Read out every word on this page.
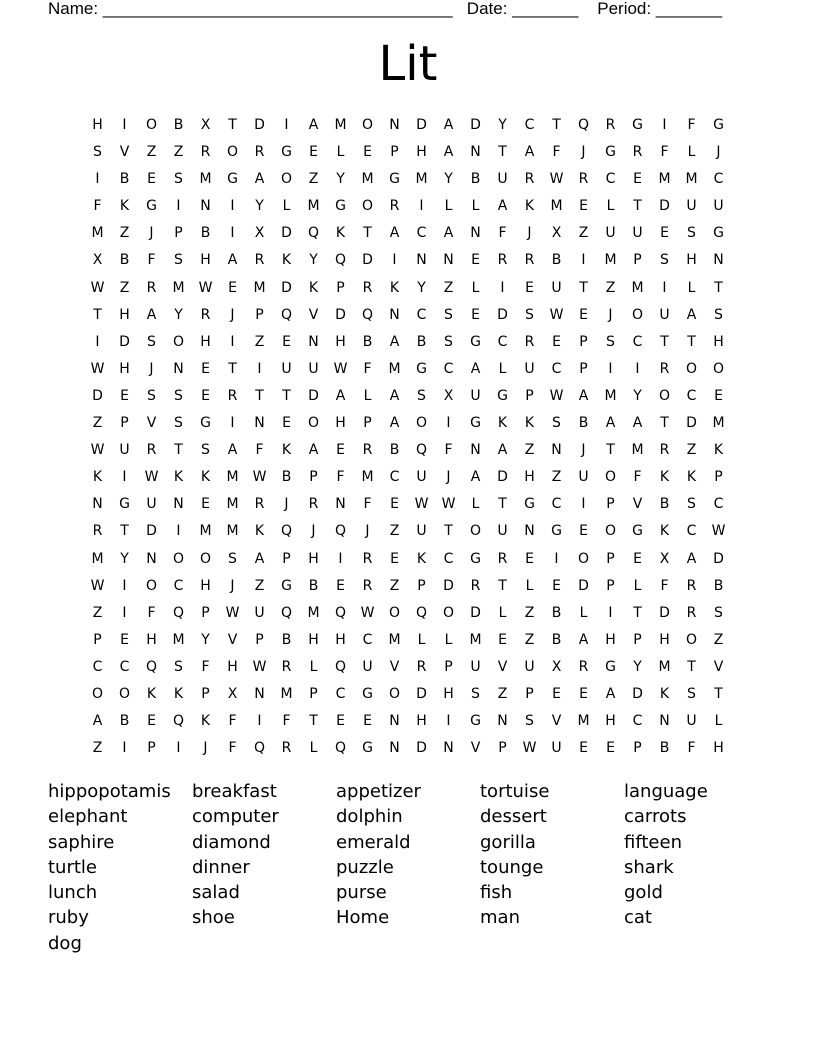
Name: _____________________________________ Date: _______ Period: _______
Lit
H	I	O	B	X	T	D	I	A	M	O	N	D	A	D	Y	C	T	Q	R	G	I	F	G
S	V	Z	Z	R	O	R	G	E	L	E	P	H	A	N	T	A	F	J	G	R	F	L	J
I	B	E	S	M	G	A	O	Z	Y	M	G	M	Y	B	U	R	W	R	C	E	M	M	C
F	K	G	I	N	I	Y	L	M	G	O	R	I	L	L	A	K	M	E	L	T	D	U	U
M	Z	J	P	B	I	X	D	Q	K	T	A	C	A	N	F	J	X	Z	U	U	E	S	G
X	B	F	S	H	A	R	K	Y	Q	D	I	N	N	E	R	R	B	I	M	P	S	H	N
W	Z	R	M	W	E	M	D	K	P	R	K	Y	Z	L	I	E	U	T	Z	M	I	L	T
T	H	A	Y	R	J	P	Q	V	D	Q	N	C	S	E	D	S	W	E	J	O	U	A	S
I	D	S	O	H	I	Z	E	N	H	B	A	B	S	G	C	R	E	P	S	C	T	T	H
W	H	J	N	E	T	I	U	U	W	F	M	G	C	A	L	U	C	P	I	I	R	O	O
D	E	S	S	E	R	T	T	D	A	L	A	S	X	U	G	P	W	A	M	Y	O	C	E
Z	P	V	S	G	I	N	E	O	H	P	A	O	I	G	K	K	S	B	A	A	T	D	M
W	U	R	T	S	A	F	K	A	E	R	B	Q	F	N	A	Z	N	J	T	M	R	Z	K
K	I	W	K	K	M	W	B	P	F	M	C	U	J	A	D	H	Z	U	O	F	K	K	P
N	G	U	N	E	M	R	J	R	N	F	E	W W	L	T	G	C	I	P	V	B	S	C
R	T	D	I	M	M	K	Q	J	Q	J	Z	U	T	O	U	N	G	E	O	G	K	C	W
M	Y	N	O	O	S	A	P	H	I	R	E	K	C	G	R	E	I	O	P	E	X	A	D
W	I	O	C	H	J	Z	G	B	E	R	Z	P	D	R	T	L	E	D	P	L	F	R	B
Z	I	F	Q	P	W	U	Q	M	Q	W	O	Q	O	D	L	Z	B	L	I	T	D	R	S
P	E	H	M	Y	V	P	B	H	H	C	M	L	L	M	E	Z	B	A	H	P	H	O	Z
C	C	Q	S	F	H	W	R	L	Q	U	V	R	P	U	V	U	X	R	G	Y	M	T	V
O	O	K	K	P	X	N	M	P	C	G	O	D	H	S	Z	P	E	E	A	D	K	S	T
A	B	E	Q	K	F	I	F	T	E	E	N	H	I	G	N	S	V	M	H	C	N	U	L
Z	I	P	I	J	F	Q	R	L	Q	G	N	D	N	V	P	W	U	E	E	P	B	F	H
hippopotamis	breakfast	appetizer	tortuise	language
elephant	computer	dolphin	dessert	carrots
saphire	diamond	emerald	gorilla	fifteen
turtle	dinner	puzzle	tounge	shark
lunch	salad	purse	fish	gold
ruby	shoe	Home	man	cat
dog
